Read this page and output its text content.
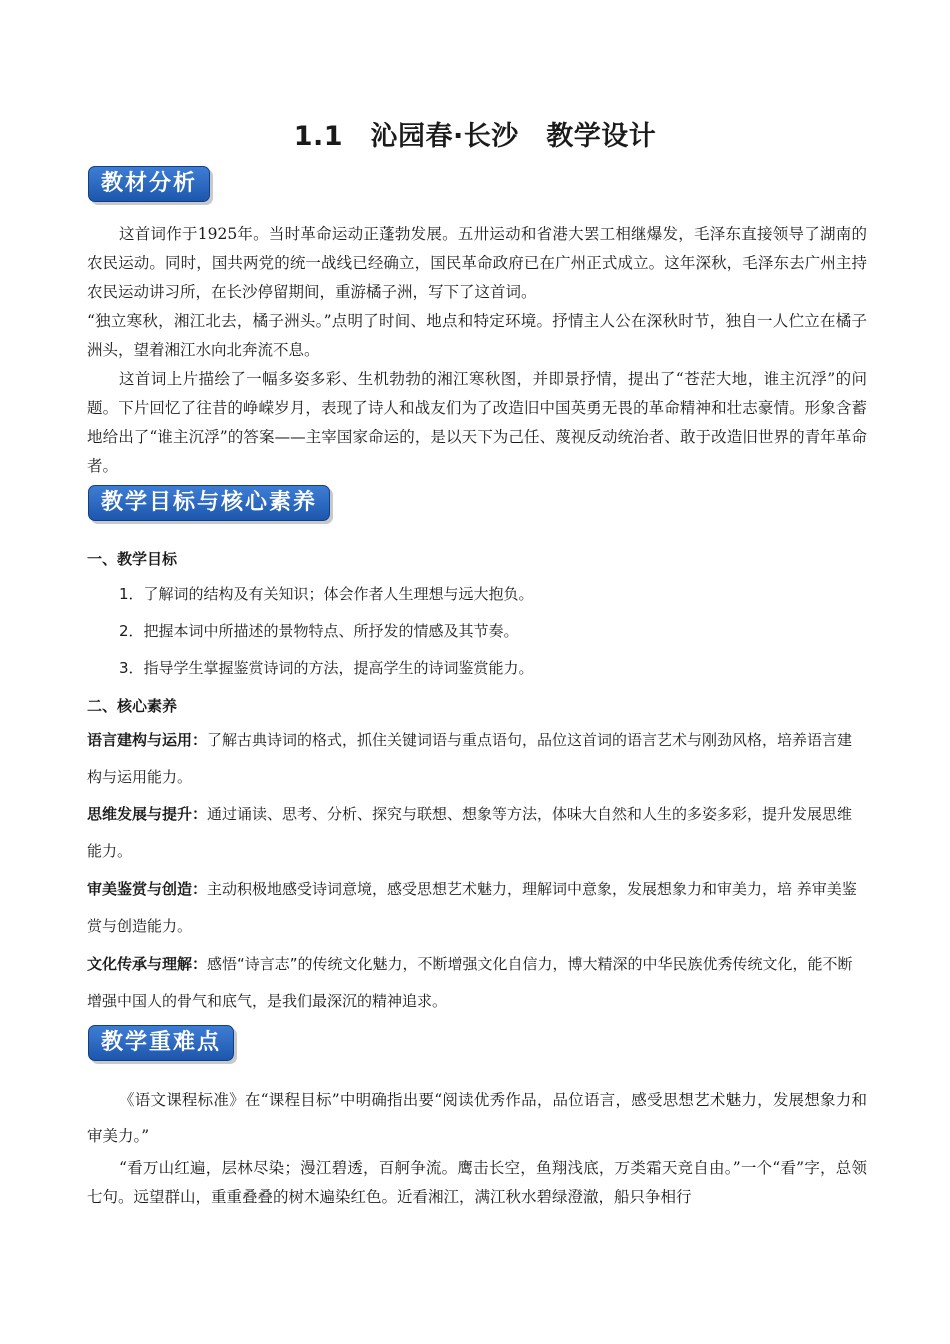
1.1　沁园春·长沙　教学设计
教材分析

这首词作于1925年。当时革命运动正蓬勃发展。五卅运动和省港大罢工相继爆发，毛泽东直接领导了湖南的农民运动。同时，国共两党的统一战线已经确立，国民革命政府已在广州正式成立。这年深秋，毛泽东去广州主持农民运动讲习所，在长沙停留期间，重游橘子洲，写下了这首词。

“独立寒秋，湘江北去，橘子洲头。”点明了时间、地点和特定环境。抒情主人公在深秋时节，独自一人伫立在橘子洲头，望着湘江水向北奔流不息。

这首词上片描绘了一幅多姿多彩、生机勃勃的湘江寒秋图，并即景抒情，提出了“苍茫大地，谁主沉浮”的问题。下片回忆了往昔的峥嵘岁月，表现了诗人和战友们为了改造旧中国英勇无畏的革命精神和壮志豪情。形象含蓄地给出了“谁主沉浮”的答案——主宰国家命运的，是以天下为己任、蔑视反动统治者、敢于改造旧世界的青年革命者。

教学目标与核心素养
一、教学目标
1．了解词的结构及有关知识；体会作者人生理想与远大抱负。
2．把握本词中所描述的景物特点、所抒发的情感及其节奏。
3．指导学生掌握鉴赏诗词的方法，提高学生的诗词鉴赏能力。
二、核心素养

语言建构与运用：了解古典诗词的格式，抓住关键词语与重点语句，品位这首词的语言艺术与刚劲风格，培养语言建构与运用能力。

思维发展与提升：通过诵读、思考、分析、探究与联想、想象等方法，体味大自然和人生的多姿多彩，提升发展思维能力。

审美鉴赏与创造：主动积极地感受诗词意境，感受思想艺术魅力，理解词中意象，发展想象力和审美力，培 养审美鉴赏与创造能力。

文化传承与理解：感悟“诗言志”的传统文化魅力，不断增强文化自信力，博大精深的中华民族优秀传统文化，能不断增强中国人的骨气和底气，是我们最深沉的精神追求。

教学重难点

《语文课程标准》在“课程目标”中明确指出要“阅读优秀作品，品位语言，感受思想艺术魅力，发展想象力和审美力。”

“看万山红遍，层林尽染；漫江碧透，百舸争流。鹰击长空，鱼翔浅底，万类霜天竞自由。”一个“看”字，总领七句。远望群山，重重叠叠的树木遍染红色。近看湘江，满江秋水碧绿澄澈，船只争相行
